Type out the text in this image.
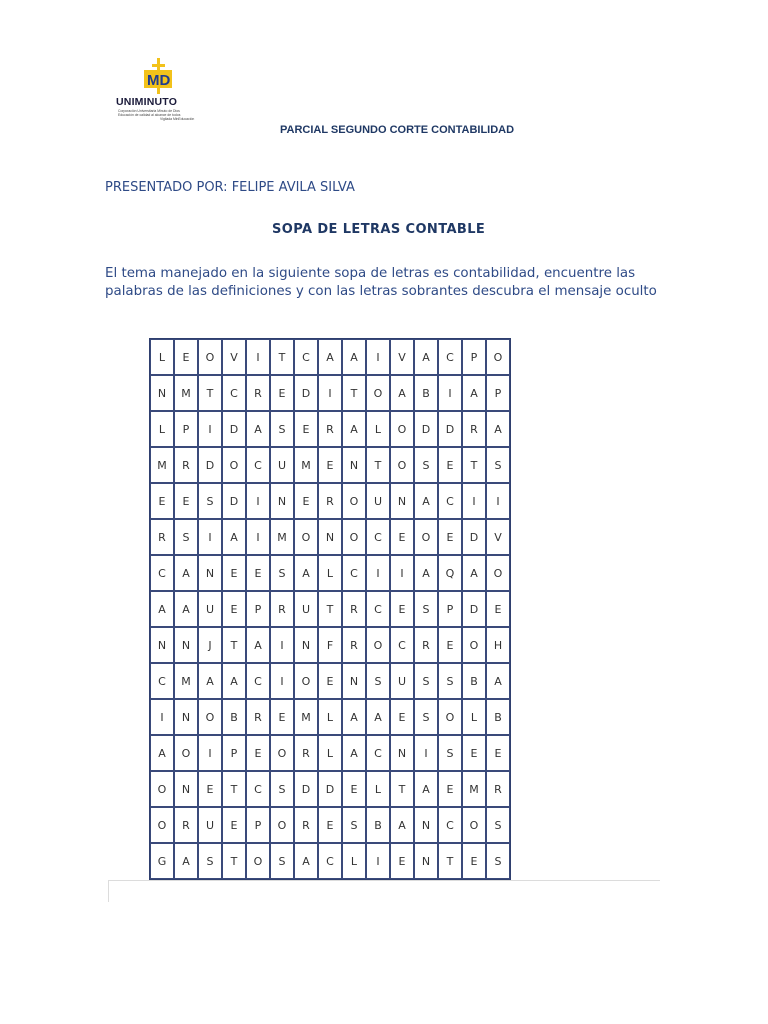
MD
UNIMINUTO
Corporación Universitaria Minuto de Dios
Educación de calidad al alcance de todos
Vigilada MinEducación
PARCIAL SEGUNDO CORTE CONTABILIDAD
PRESENTADO POR: FELIPE AVILA SILVA
SOPA DE LETRAS CONTABLE
El tema manejado en la siguiente sopa de letras es contabilidad, encuentre las palabras de las definiciones y con las letras sobrantes descubra el mensaje oculto
L	E	O	V	I	T	C	A	A	I	V	A	C	P	O
N	M	T	C	R	E	D	I	T	O	A	B	I	A	P
L	P	I	D	A	S	E	R	A	L	O	D	D	R	A
M	R	D	O	C	U	M	E	N	T	O	S	E	T	S
E	E	S	D	I	N	E	R	O	U	N	A	C	I	I
R	S	I	A	I	M	O	N	O	C	E	O	E	D	V
C	A	N	E	E	S	A	L	C	I	I	A	Q	A	O
A	A	U	E	P	R	U	T	R	C	E	S	P	D	E
N	N	J	T	A	I	N	F	R	O	C	R	E	O	H
C	M	A	A	C	I	O	E	N	S	U	S	S	B	A
I	N	O	B	R	E	M	L	A	A	E	S	O	L	B
A	O	I	P	E	O	R	L	A	C	N	I	S	E	E
O	N	E	T	C	S	D	D	E	L	T	A	E	M	R
O	R	U	E	P	O	R	E	S	B	A	N	C	O	S
G	A	S	T	O	S	A	C	L	I	E	N	T	E	S
